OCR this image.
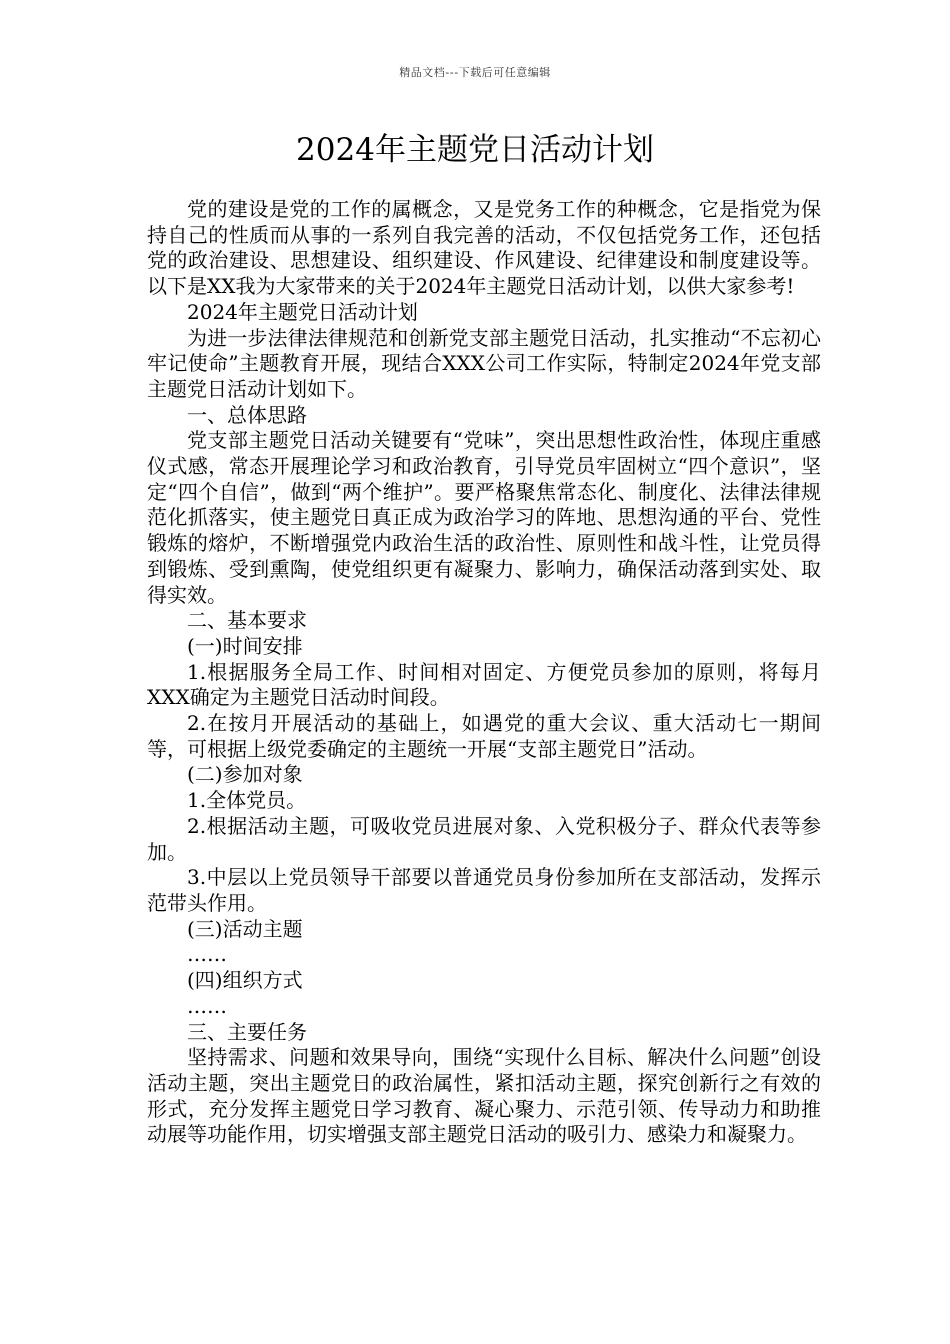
精品文档---下载后可任意编辑
2024年主题党日活动计划

党的建设是党的工作的属概念，又是党务工作的种概念，它是指党为保持自己的性质而从事的一系列自我完善的活动，不仅包括党务工作，还包括党的政治建设、思想建设、组织建设、作风建设、纪律建设和制度建设等。以下是XX我为大家带来的关于2024年主题党日活动计划，以供大家参考!

2024年主题党日活动计划

为进一步法律法律规范和创新党支部主题党日活动，扎实推动“不忘初心 牢记使命”主题教育开展，现结合XXX公司工作实际，特制定2024年党支部主题党日活动计划如下。

一、总体思路

党支部主题党日活动关键要有“党味”，突出思想性政治性，体现庄重感仪式感，常态开展理论学习和政治教育，引导党员牢固树立“四个意识”，坚定“四个自信”，做到“两个维护”。要严格聚焦常态化、制度化、法律法律规范化抓落实，使主题党日真正成为政治学习的阵地、思想沟通的平台、党性锻炼的熔炉，不断增强党内政治生活的政治性、原则性和战斗性，让党员得到锻炼、受到熏陶，使党组织更有凝聚力、影响力，确保活动落到实处、取得实效。

二、基本要求

(一)时间安排

1.根据服务全局工作、时间相对固定、方便党员参加的原则，将每月XXX确定为主题党日活动时间段。

2.在按月开展活动的基础上，如遇党的重大会议、重大活动七一期间等，可根据上级党委确定的主题统一开展“支部主题党日”活动。

(二)参加对象

1.全体党员。

2.根据活动主题，可吸收党员进展对象、入党积极分子、群众代表等参加。

3.中层以上党员领导干部要以普通党员身份参加所在支部活动，发挥示范带头作用。

(三)活动主题

……

(四)组织方式

……

三、主要任务

坚持需求、问题和效果导向，围绕“实现什么目标、解决什么问题”创设活动主题，突出主题党日的政治属性，紧扣活动主题，探究创新行之有效的形式，充分发挥主题党日学习教育、凝心聚力、示范引领、传导动力和助推动展等功能作用，切实增强支部主题党日活动的吸引力、感染力和凝聚力。
